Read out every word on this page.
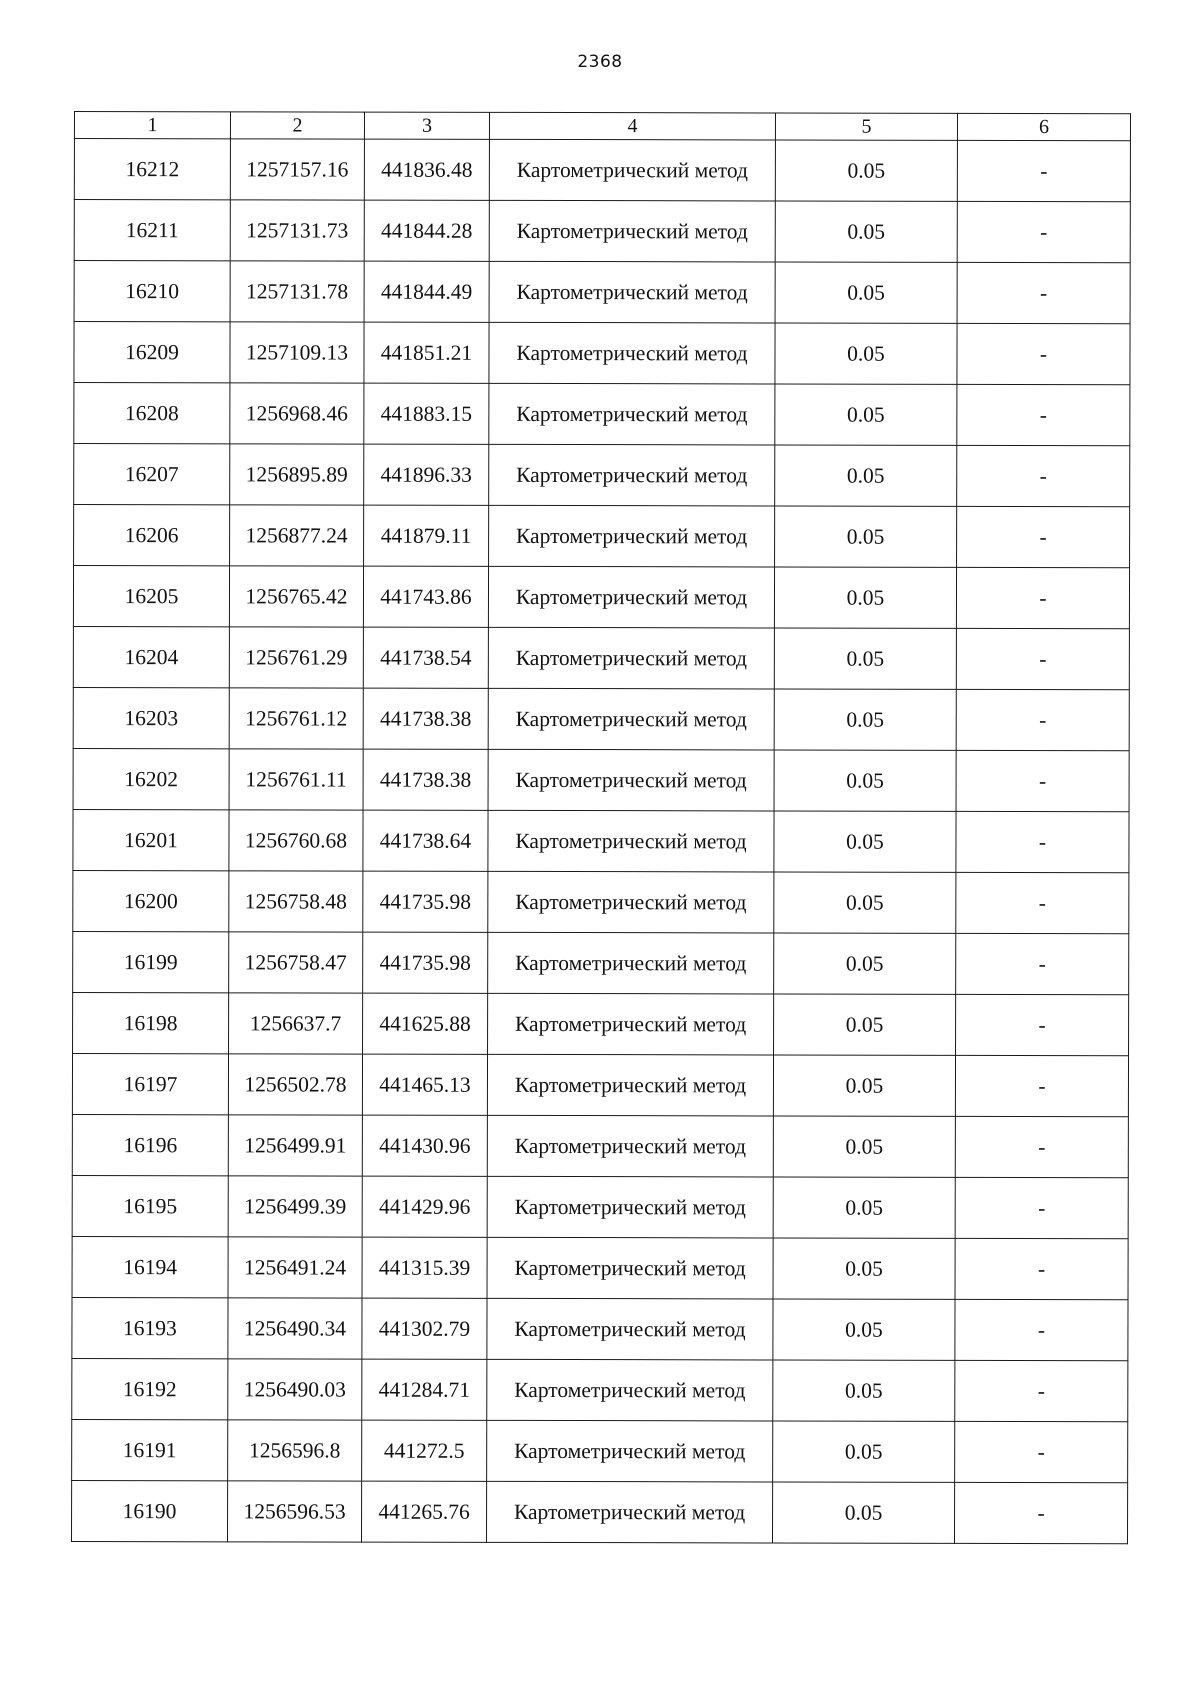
2368
1	2	3	4	5	6
16212	1257157.16	441836.48	Картометрический метод	0.05	-
16211	1257131.73	441844.28	Картометрический метод	0.05	-
16210	1257131.78	441844.49	Картометрический метод	0.05	-
16209	1257109.13	441851.21	Картометрический метод	0.05	-
16208	1256968.46	441883.15	Картометрический метод	0.05	-
16207	1256895.89	441896.33	Картометрический метод	0.05	-
16206	1256877.24	441879.11	Картометрический метод	0.05	-
16205	1256765.42	441743.86	Картометрический метод	0.05	-
16204	1256761.29	441738.54	Картометрический метод	0.05	-
16203	1256761.12	441738.38	Картометрический метод	0.05	-
16202	1256761.11	441738.38	Картометрический метод	0.05	-
16201	1256760.68	441738.64	Картометрический метод	0.05	-
16200	1256758.48	441735.98	Картометрический метод	0.05	-
16199	1256758.47	441735.98	Картометрический метод	0.05	-
16198	1256637.7	441625.88	Картометрический метод	0.05	-
16197	1256502.78	441465.13	Картометрический метод	0.05	-
16196	1256499.91	441430.96	Картометрический метод	0.05	-
16195	1256499.39	441429.96	Картометрический метод	0.05	-
16194	1256491.24	441315.39	Картометрический метод	0.05	-
16193	1256490.34	441302.79	Картометрический метод	0.05	-
16192	1256490.03	441284.71	Картометрический метод	0.05	-
16191	1256596.8	441272.5	Картометрический метод	0.05	-
16190	1256596.53	441265.76	Картометрический метод	0.05	-
